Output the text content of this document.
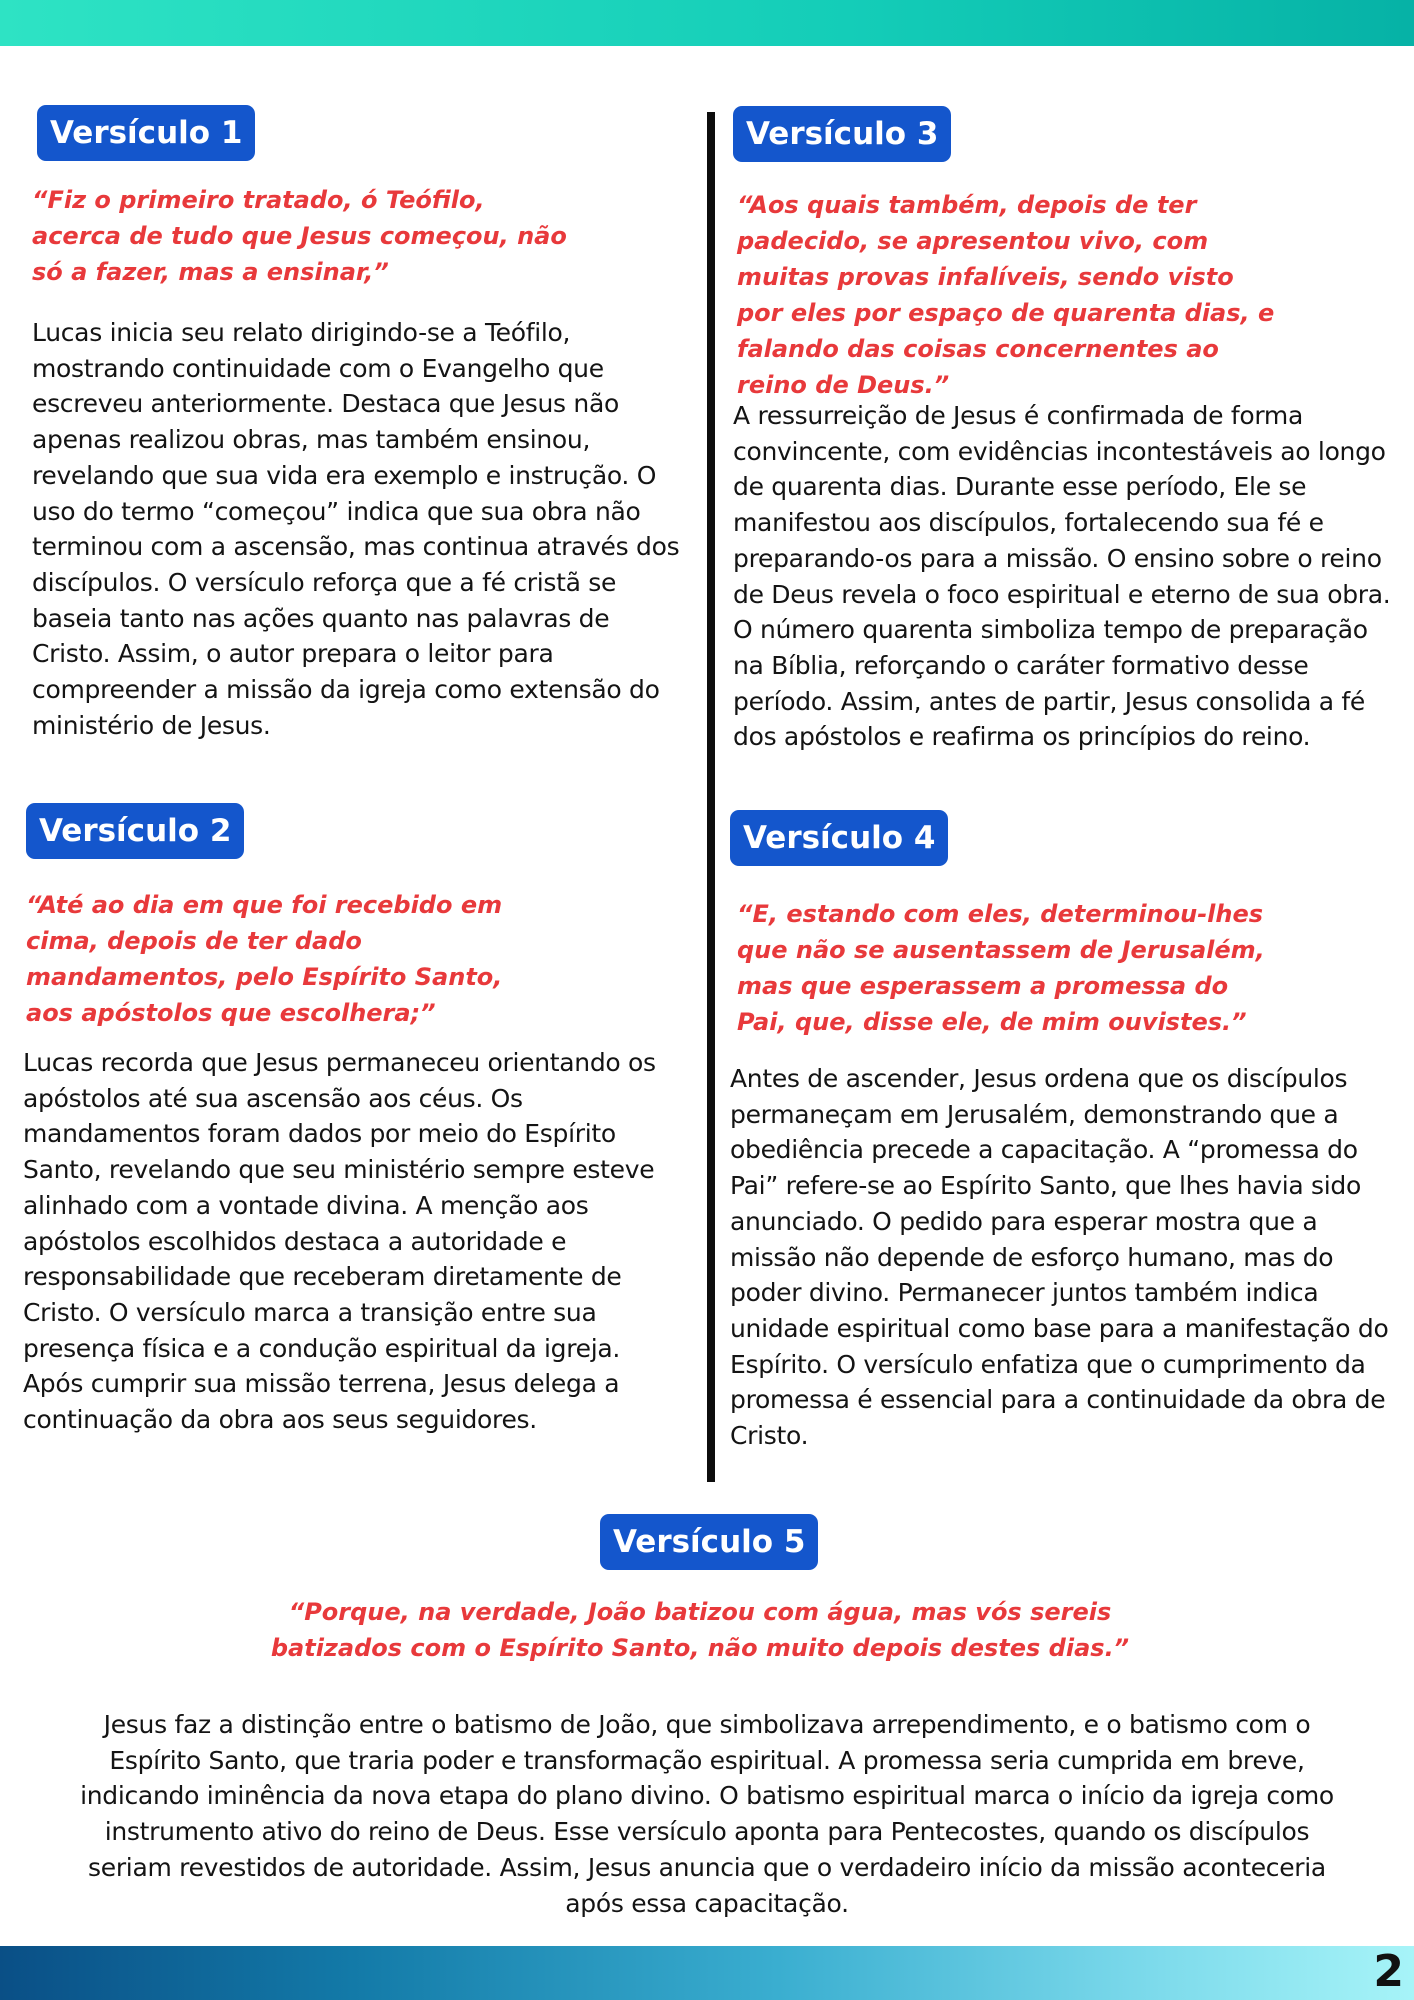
Versículo 1

“Fiz o primeiro tratado, ó Teófilo, acerca de tudo que Jesus começou, não só a fazer, mas a ensinar,”

Lucas inicia seu relato dirigindo-se a Teófilo, mostrando continuidade com o Evangelho que escreveu anteriormente. Destaca que Jesus não apenas realizou obras, mas também ensinou, revelando que sua vida era exemplo e instrução. O uso do termo “começou” indica que sua obra não terminou com a ascensão, mas continua através dos discípulos. O versículo reforça que a fé cristã se baseia tanto nas ações quanto nas palavras de Cristo. Assim, o autor prepara o leitor para compreender a missão da igreja como extensão do ministério de Jesus.

Versículo 2

“Até ao dia em que foi recebido em cima, depois de ter dado mandamentos, pelo Espírito Santo, aos apóstolos que escolhera;”

Lucas recorda que Jesus permaneceu orientando os apóstolos até sua ascensão aos céus. Os mandamentos foram dados por meio do Espírito Santo, revelando que seu ministério sempre esteve alinhado com a vontade divina. A menção aos apóstolos escolhidos destaca a autoridade e responsabilidade que receberam diretamente de Cristo. O versículo marca a transição entre sua presença física e a condução espiritual da igreja. Após cumprir sua missão terrena, Jesus delega a continuação da obra aos seus seguidores.

Versículo 3

“Aos quais também, depois de ter padecido, se apresentou vivo, com muitas provas infalíveis, sendo visto por eles por espaço de quarenta dias, e falando das coisas concernentes ao reino de Deus.”

A ressurreição de Jesus é confirmada de forma convincente, com evidências incontestáveis ao longo de quarenta dias. Durante esse período, Ele se manifestou aos discípulos, fortalecendo sua fé e preparando-os para a missão. O ensino sobre o reino de Deus revela o foco espiritual e eterno de sua obra. O número quarenta simboliza tempo de preparação na Bíblia, reforçando o caráter formativo desse período. Assim, antes de partir, Jesus consolida a fé dos apóstolos e reafirma os princípios do reino.

Versículo 4

“E, estando com eles, determinou-lhes que não se ausentassem de Jerusalém, mas que esperassem a promessa do Pai, que, disse ele, de mim ouvistes.”

Antes de ascender, Jesus ordena que os discípulos permaneçam em Jerusalém, demonstrando que a obediência precede a capacitação. A “promessa do Pai” refere-se ao Espírito Santo, que lhes havia sido anunciado. O pedido para esperar mostra que a missão não depende de esforço humano, mas do poder divino. Permanecer juntos também indica unidade espiritual como base para a manifestação do Espírito. O versículo enfatiza que o cumprimento da promessa é essencial para a continuidade da obra de Cristo.

Versículo 5

“Porque, na verdade, João batizou com água, mas vós sereis batizados com o Espírito Santo, não muito depois destes dias.”

Jesus faz a distinção entre o batismo de João, que simbolizava arrependimento, e o batismo com o Espírito Santo, que traria poder e transformação espiritual. A promessa seria cumprida em breve, indicando iminência da nova etapa do plano divino. O batismo espiritual marca o início da igreja como instrumento ativo do reino de Deus. Esse versículo aponta para Pentecostes, quando os discípulos seriam revestidos de autoridade. Assim, Jesus anuncia que o verdadeiro início da missão aconteceria após essa capacitação.

2
